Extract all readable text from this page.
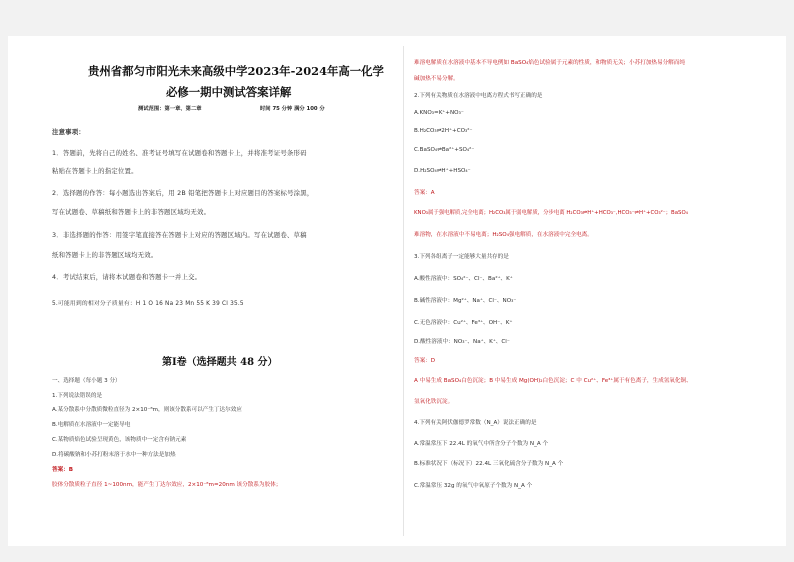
贵州省都匀市阳光未来高级中学2023年-2024年高一化学
必修一期中测试答案详解
测试范围：第一章、第二章	时间 75 分钟 满分 100 分
注意事项：
1．答题前，先将自己的姓名、准考证号填写在试题卷和答题卡上，并将准考证号条形码
粘贴在答题卡上的指定位置。
2．选择题的作答：每小题选出答案后，用 2B 铅笔把答题卡上对应题目的答案标号涂黑，
写在试题卷、草稿纸和答题卡上的非答题区域均无效。
3．非选择题的作答：用签字笔直接答在答题卡上对应的答题区域内。写在试题卷、草稿
纸和答题卡上的非答题区域均无效。
4．考试结束后，请将本试题卷和答题卡一并上交。
5.可能用到的相对分子质量有：H 1 O 16 Na 23 Mn 55 K 39 Cl 35.5
第Ⅰ卷（选择题共 48 分）
一、选择题（每小题 3 分）
1.下列说法错误的是
A.某分散系中分散质微粒直径为 2×10⁻⁸m，则该分散系可以产生丁达尔效应
B.电解质在水溶液中一定能导电
C.某物质焰色试验呈现黄色，该物质中一定含有钠元素
D.将碳酸钠和小苏打粉末溶于水中一种方法是加热
答案：B
胶体分散质粒子直径 1~100nm，能产生丁达尔效应，2×10⁻⁸m=20nm 该分散系为胶体；
难溶电解质在水溶液中基本不导电例如 BaSO₄焰色试验属于元素的性质，和物质无关；小苏打加热易分解而纯
碱加热不易分解。
2.下列有关物质在水溶液中电离方程式书写正确的是
A.KNO₃=K⁺+NO₃⁻
B.H₂CO₃⇌2H⁺+CO₃²⁻
C.BaSO₄⇌Ba²⁺+SO₄²⁻
D.H₂SO₄⇌H⁺+HSO₄⁻
答案：A
KNO₃属于强电解质,完全电离；H₂CO₃属于弱电解质，分步电离 H₂CO₃⇌H⁺+HCO₃⁻,HCO₃⁻⇌H⁺+CO₃²⁻；BaSO₄
难溶物，在水溶液中不易电离；H₂SO₄强电解质，在水溶液中完全电离。
3.下列各组离子一定能够大量共存的是
A.酸性溶液中：SO₄²⁻、Cl⁻、Ba²⁺、K⁺
B.碱性溶液中：Mg²⁺、Na⁺、Cl⁻、NO₃⁻
C.无色溶液中：Cu²⁺、Fe³⁺、OH⁻、K⁺
D.酸性溶液中：NO₃⁻、Na⁺、K⁺、Cl⁻
答案：D
A 中易生成 BaSO₄白色沉淀；B 中易生成 Mg(OH)₂白色沉淀；C 中 Cu²⁺、Fe³⁺属于有色离子，生成氢氧化铜、
氢氧化铁沉淀。
4.下列有关阿伏伽德罗常数（N_A）说法正确的是
A.常温常压下 22.4L 的氧气中所含分子个数为 N_A 个
B.标准状况下（标况下）22.4L 三氧化硫含分子数为 N_A 个
C.常温常压 32g 的氧气中氧原子个数为 N_A 个
